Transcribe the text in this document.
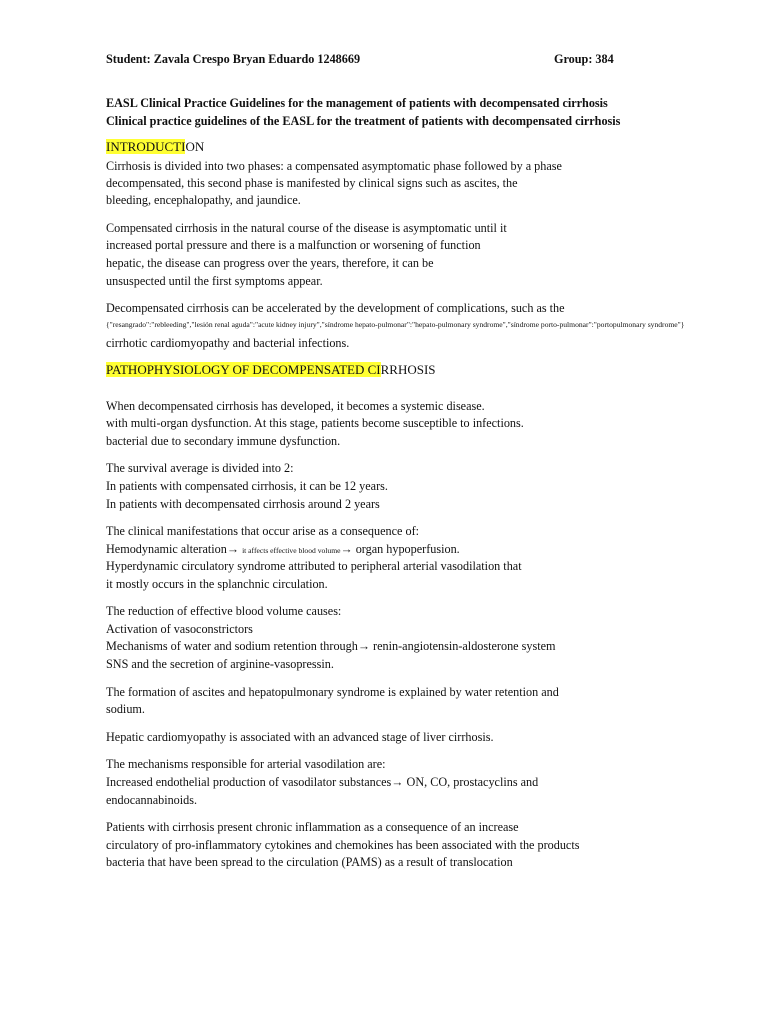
Student: Zavala Crespo Bryan Eduardo 1248669	Group: 384
EASL Clinical Practice Guidelines for the management of patients with decompensated cirrhosis
Clinical practice guidelines of the EASL for the treatment of patients with decompensated cirrhosis
INTRODUCTION
Cirrhosis is divided into two phases: a compensated asymptomatic phase followed by a phase
decompensated, this second phase is manifested by clinical signs such as ascites, the
bleeding, encephalopathy, and jaundice.
Compensated cirrhosis in the natural course of the disease is asymptomatic until it
increased portal pressure and there is a malfunction or worsening of function
hepatic, the disease can progress over the years, therefore, it can be
unsuspected until the first symptoms appear.
Decompensated cirrhosis can be accelerated by the development of complications, such as the
{"resangrado":"rebleeding","lesión renal aguda":"acute kidney injury","síndrome hepato-pulmonar":"hepato-pulmonary syndrome","síndrome porto-pulmonar":"portopulmonary syndrome"}
cirrhotic cardiomyopathy and bacterial infections.
PATHOPHYSIOLOGY OF DECOMPENSATED CIRRHOSIS
When decompensated cirrhosis has developed, it becomes a systemic disease.
with multi-organ dysfunction. At this stage, patients become susceptible to infections.
bacterial due to secondary immune dysfunction.
The survival average is divided into 2:
In patients with compensated cirrhosis, it can be 12 years.
In patients with decompensated cirrhosis around 2 years
The clinical manifestations that occur arise as a consequence of:
Hemodynamic alteration→ it affects effective blood volume→ organ hypoperfusion.
Hyperdynamic circulatory syndrome attributed to peripheral arterial vasodilation that
it mostly occurs in the splanchnic circulation.
The reduction of effective blood volume causes:
Activation of vasoconstrictors
Mechanisms of water and sodium retention through→ renin-angiotensin-aldosterone system
SNS and the secretion of arginine-vasopressin.
The formation of ascites and hepatopulmonary syndrome is explained by water retention and
sodium.
Hepatic cardiomyopathy is associated with an advanced stage of liver cirrhosis.
The mechanisms responsible for arterial vasodilation are:
Increased endothelial production of vasodilator substances→ ON, CO, prostacyclins and
endocannabinoids.
Patients with cirrhosis present chronic inflammation as a consequence of an increase
circulatory of pro-inflammatory cytokines and chemokines has been associated with the products
bacteria that have been spread to the circulation (PAMS) as a result of translocation
